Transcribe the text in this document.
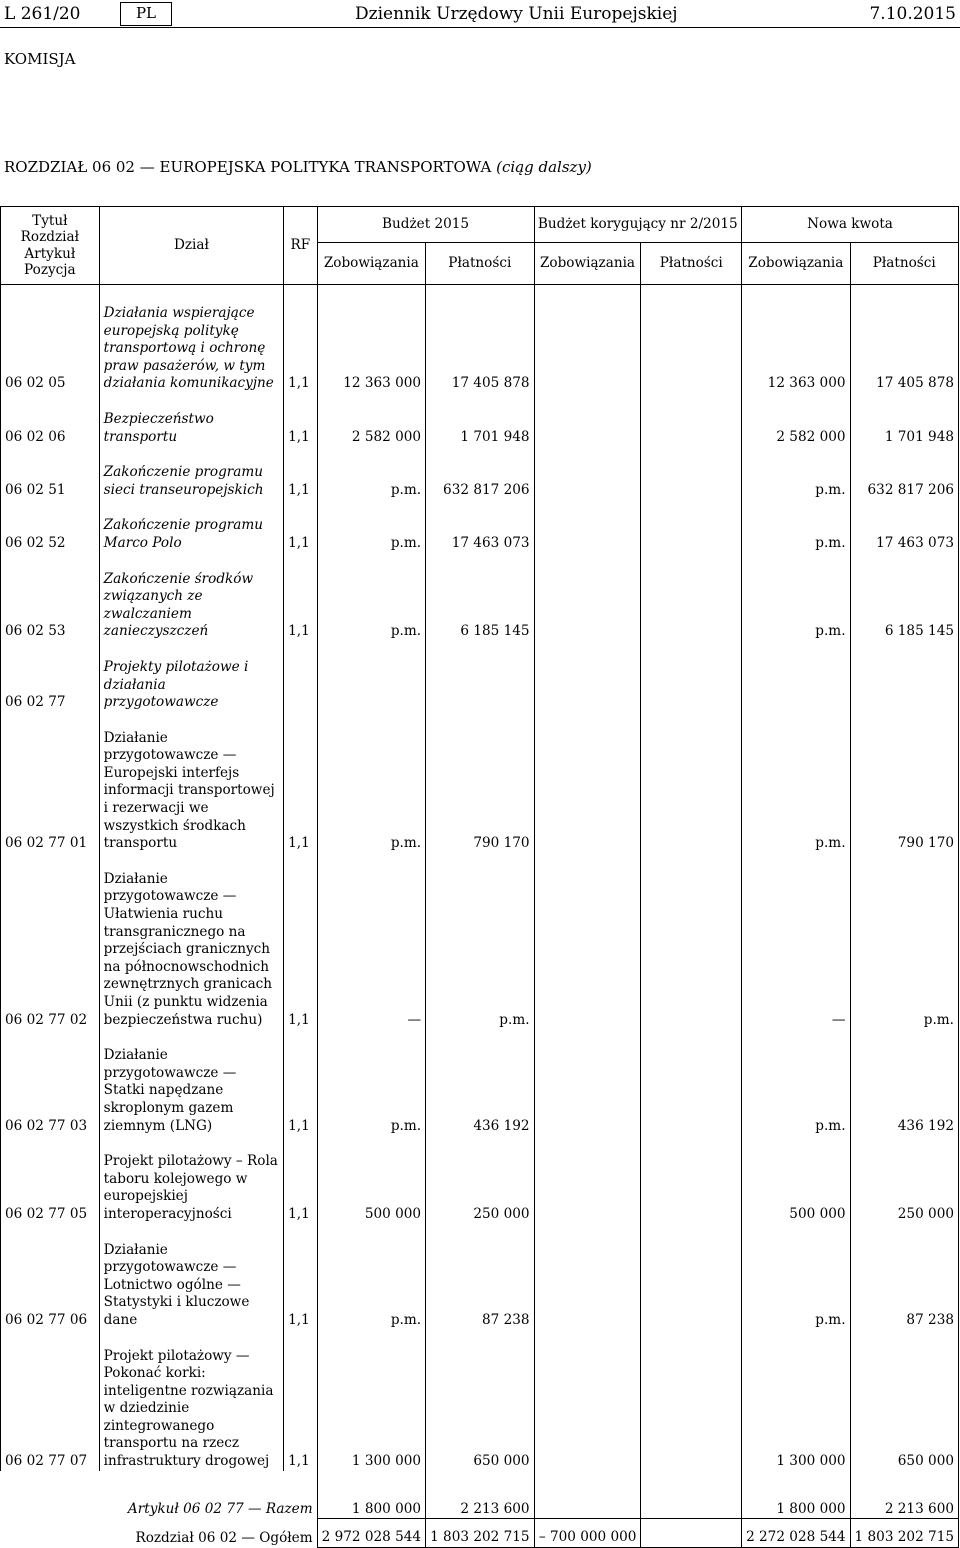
L 261/20	PL	Dziennik Urzędowy Unii Europejskiej	7.10.2015
KOMISJA
ROZDZIAŁ 06 02 — EUROPEJSKA POLITYKA TRANSPORTOWA (ciąg dalszy)
Tytuł
Rozdział
Artykuł
Pozycja	Dział	RF	Budżet 2015		Budżet korygujący nr 2/2015		Nowa kwota	
			Zobowiązania	Płatności	Zobowiązania	Płatności	Zobowiązania	Płatności
06 02 05	Działania wspierające europejską politykę transportową i ochronę praw pasażerów, w tym działania komunikacyjne	1,1	12 363 000	17 405 878			12 363 000	17 405 878
06 02 06	Bezpieczeństwo transportu	1,1	2 582 000	1 701 948			2 582 000	1 701 948
06 02 51	Zakończenie programu sieci transeuropejskich	1,1	p.m.	632 817 206			p.m.	632 817 206
06 02 52	Zakończenie programu Marco Polo	1,1	p.m.	17 463 073			p.m.	17 463 073
06 02 53	Zakończenie środków związanych ze zwalczaniem zanieczyszczeń	1,1	p.m.	6 185 145			p.m.	6 185 145
06 02 77	Projekty pilotażowe i działania przygotowawcze							
06 02 77 01	Działanie przygotowawcze — Europejski interfejs informacji transportowej i rezerwacji we wszystkich środkach transportu	1,1	p.m.	790 170			p.m.	790 170
06 02 77 02	Działanie przygotowawcze — Ułatwienia ruchu transgranicznego na przejściach granicznych na północnowschodnich zewnętrznych granicach Unii (z punktu widzenia bezpieczeństwa ruchu)	1,1	—	p.m.			—	p.m.
06 02 77 03	Działanie przygotowawcze — Statki napędzane skroplonym gazem ziemnym (LNG)	1,1	p.m.	436 192			p.m.	436 192
06 02 77 05	Projekt pilotażowy – Rola taboru kolejowego w europejskiej interoperacyjności	1,1	500 000	250 000			500 000	250 000
06 02 77 06	Działanie przygotowawcze — Lotnictwo ogólne — Statystyki i kluczowe dane	1,1	p.m.	87 238			p.m.	87 238
06 02 77 07	Projekt pilotażowy — Pokonać korki: inteligentne rozwiązania w dziedzinie zintegrowanego transportu na rzecz infrastruktury drogowej	1,1	1 300 000	650 000			1 300 000	650 000
	Artykuł 06 02 77 — Razem		1 800 000	2 213 600			1 800 000	2 213 600
	Rozdział 06 02 — Ogółem		2 972 028 544	1 803 202 715	– 700 000 000		2 272 028 544	1 803 202 715
